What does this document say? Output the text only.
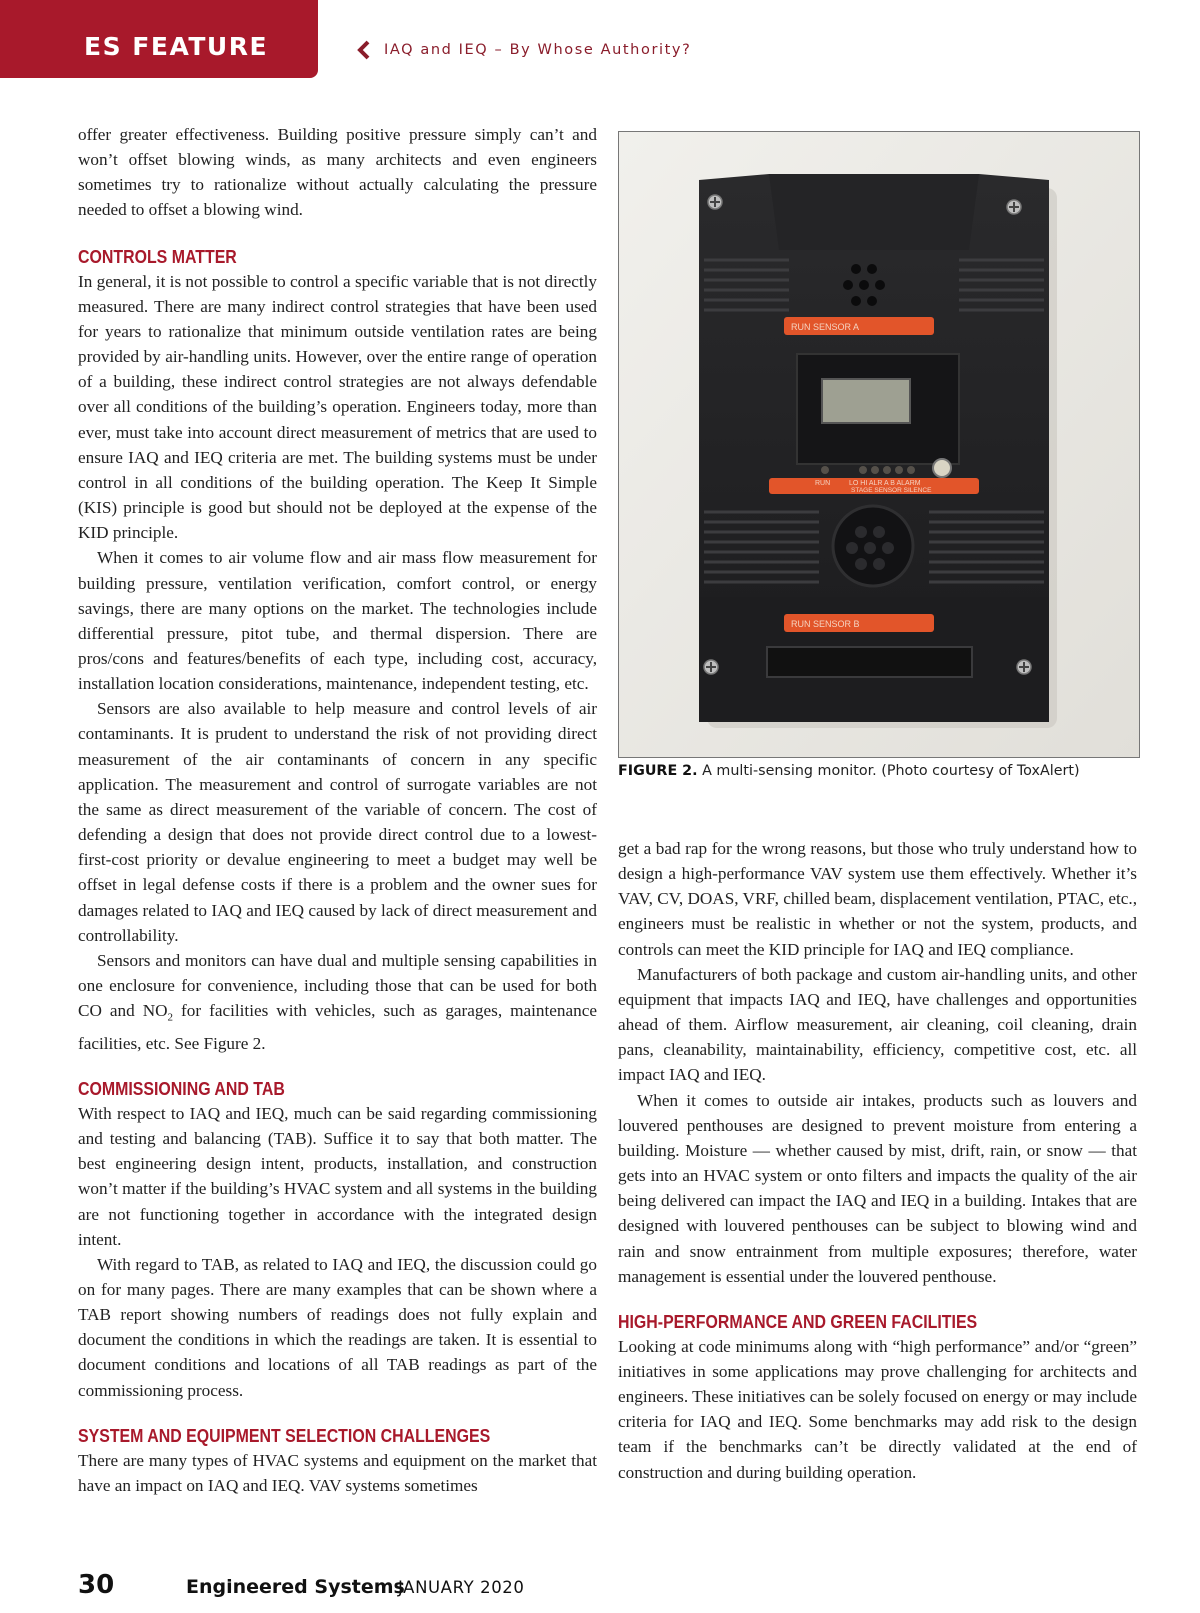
ES FEATURE	IAQ and IEQ – By Whose Authority?

offer greater effectiveness. Building positive pressure simply can’t and won’t offset blowing winds, as many architects and even engineers sometimes try to rationalize without actually calculating the pressure needed to offset a blowing wind.

CONTROLS MATTER

In general, it is not possible to control a specific variable that is not directly measured. There are many indirect control strategies that have been used for years to rationalize that minimum outside ventilation rates are being provided by air-handling units. However, over the entire range of operation of a building, these indirect control strategies are not always defendable over all conditions of the building’s operation. Engineers today, more than ever, must take into account direct measurement of metrics that are used to ensure IAQ and IEQ criteria are met. The building systems must be under control in all conditions of the building operation. The Keep It Simple (KIS) principle is good but should not be deployed at the expense of the KID principle.

When it comes to air volume flow and air mass flow measurement for building pressure, ventilation verification, comfort control, or energy savings, there are many options on the market. The technologies include differential pressure, pitot tube, and thermal dispersion. There are pros/cons and features/benefits of each type, including cost, accuracy, installation location considerations, maintenance, independent testing, etc.

Sensors are also available to help measure and control levels of air contaminants. It is prudent to understand the risk of not providing direct measurement of the air contaminants of concern in any specific application. The measurement and control of surrogate variables are not the same as direct measurement of the variable of concern. The cost of defending a design that does not provide direct control due to a lowest-first-cost priority or devalue engineering to meet a budget may well be offset in legal defense costs if there is a problem and the owner sues for damages related to IAQ and IEQ caused by lack of direct measurement and controllability.

Sensors and monitors can have dual and multiple sensing capabilities in one enclosure for convenience, including those that can be used for both CO and $NO_2$ for facilities with vehicles, such as garages, maintenance facilities, etc. See Figure 2.

COMMISSIONING AND TAB

With respect to IAQ and IEQ, much can be said regarding commissioning and testing and balancing (TAB). Suffice it to say that both matter. The best engineering design intent, products, installation, and construction won’t matter if the building’s HVAC system and all systems in the building are not functioning together in accordance with the integrated design intent.

With regard to TAB, as related to IAQ and IEQ, the discussion could go on for many pages. There are many examples that can be shown where a TAB report showing numbers of readings does not fully explain and document the conditions in which the readings are taken. It is essential to document conditions and locations of all TAB readings as part of the commissioning process.

SYSTEM AND EQUIPMENT SELECTION CHALLENGES

There are many types of HVAC systems and equipment on the market that have an impact on IAQ and IEQ. VAV systems sometimes

RUN SENSOR A
RUN	LO HI ALR A B ALARM
STAGE SENSOR SILENCE
RUN SENSOR B
FIGURE 2. A multi-sensing monitor. (Photo courtesy of ToxAlert)

get a bad rap for the wrong reasons, but those who truly understand how to design a high-performance VAV system use them effectively. Whether it’s VAV, CV, DOAS, VRF, chilled beam, displacement ventilation, PTAC, etc., engineers must be realistic in whether or not the system, products, and controls can meet the KID principle for IAQ and IEQ compliance.

Manufacturers of both package and custom air-handling units, and other equipment that impacts IAQ and IEQ, have challenges and opportunities ahead of them. Airflow measurement, air cleaning, coil cleaning, drain pans, cleanability, maintainability, efficiency, competitive cost, etc. all impact IAQ and IEQ.

When it comes to outside air intakes, products such as louvers and louvered penthouses are designed to prevent moisture from entering a building. Moisture — whether caused by mist, drift, rain, or snow — that gets into an HVAC system or onto filters and impacts the quality of the air being delivered can impact the IAQ and IEQ in a building. Intakes that are designed with louvered penthouses can be subject to blowing wind and rain and snow entrainment from multiple exposures; therefore, water management is essential under the louvered penthouse.

HIGH-PERFORMANCE AND GREEN FACILITIES

Looking at code minimums along with “high performance” and/or “green” initiatives in some applications may prove challenging for architects and engineers. These initiatives can be solely focused on energy or may include criteria for IAQ and IEQ. Some benchmarks may add risk to the design team if the benchmarks can’t be directly validated at the end of construction and during building operation.

30	Engineered Systems
JANUARY 2020
